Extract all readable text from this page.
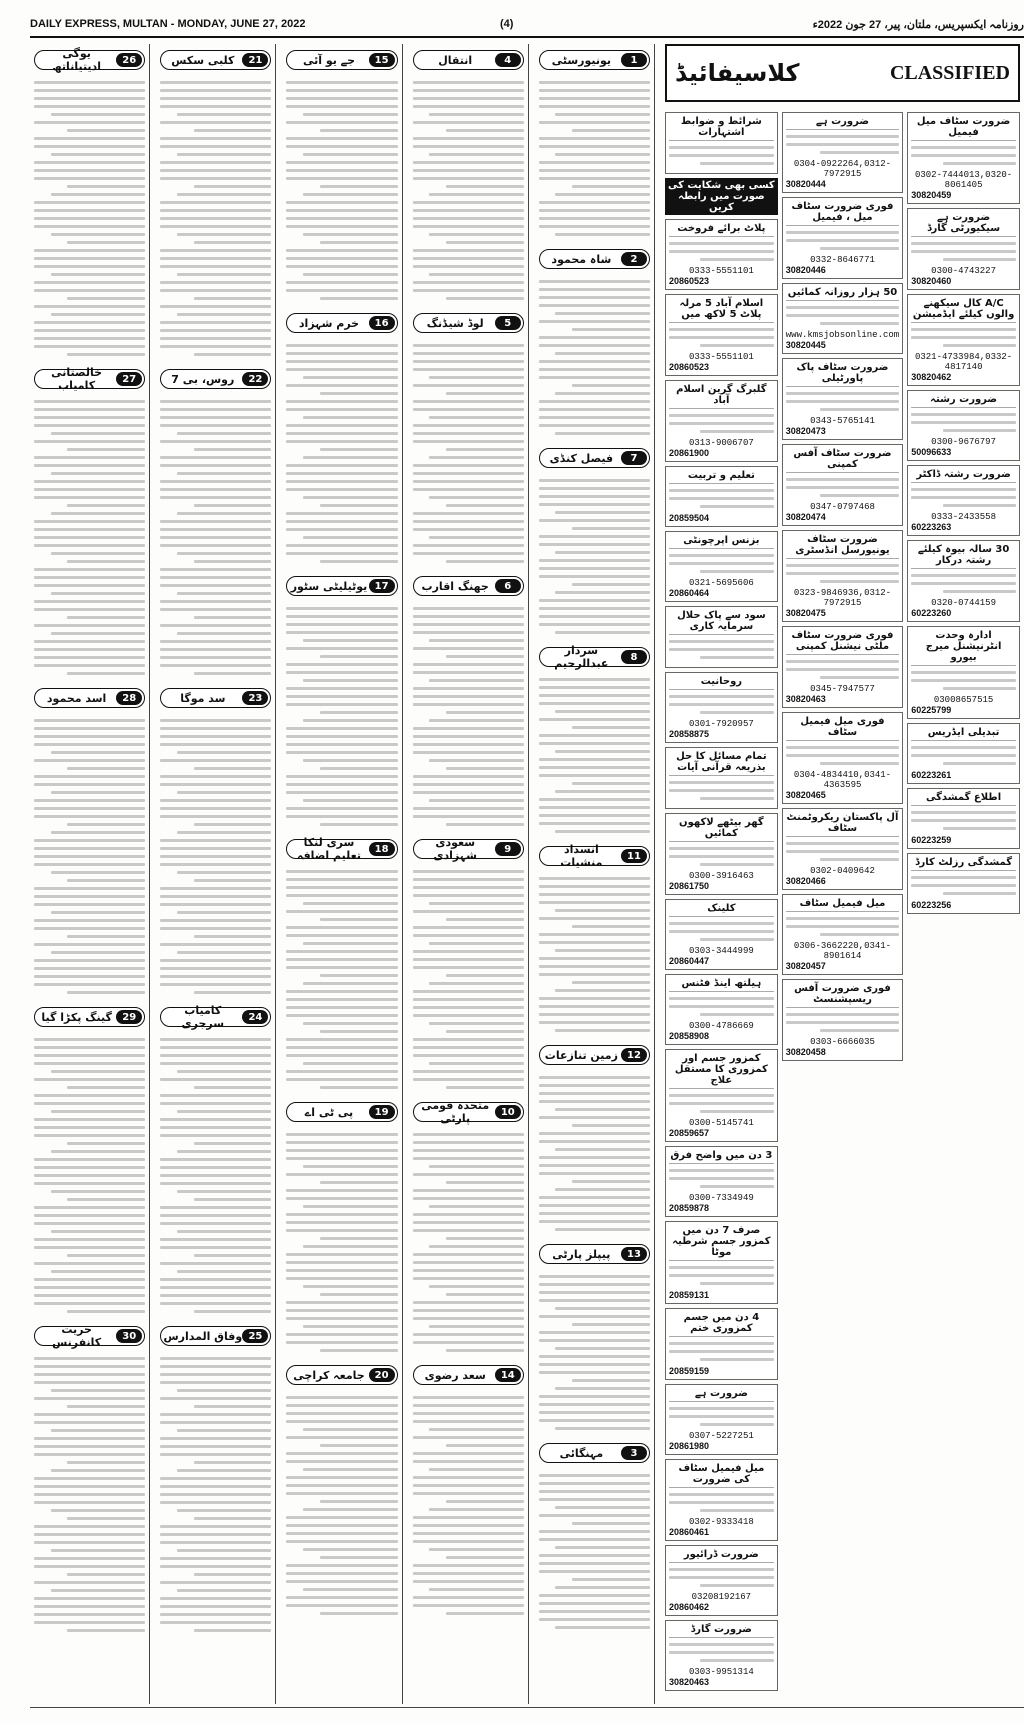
DAILY EXPRESS, MULTAN - MONDAY, JUNE 27, 2022	(4)	روزنامہ ایکسپریس، ملتان، پیر، 27 جون 2022ء
CLASSIFIED
کلاسیفائیڈ
شرائط و ضوابط اشتہارات
کسی بھی شکایت کی صورت میں رابطہ کریں
پلاٹ برائے فروخت
0333-5551101
20860523
اسلام آباد 5 مرلہ پلاٹ 5 لاکھ میں
0333-5551101
20860523
گلبرگ گرین اسلام آباد
0313-9006707
20861900
تعلیم و تربیت
20859504
بزنس اپرچونٹی
0321-5695606
20860464
سود سے پاک حلال سرمایہ کاری
روحانیت
0301-7920957
20858875
تمام مسائل کا حل بذریعہ قرآنی آیات
گھر بیٹھے لاکھوں کمائیں
0300-3916463
20861750
کلینک
0303-3444999
20860447
ہیلتھ اینڈ فٹنس
0300-4786669
20858908
کمزور جسم اور کمزوری کا مستقل علاج
0300-5145741
20859657
3 دن میں واضح فرق
0300-7334949
20859878
صرف 7 دن میں کمزور جسم شرطیہ موٹا
20859131
4 دن میں جسم کمزوری ختم
20859159
ضرورت ہے
0307-5227251
20861980
میل فیمیل سٹاف کی ضرورت
0302-9333418
20860461
ضرورت ڈرائیور
03208192167
20860462
ضرورت گارڈ
0303-9951314
30820463
ضرورت ہے
0304-0922264,0312-7972915
30820444
فوری ضرورت سٹاف میل ، فیمیل
0332-8646771
30820446
50 ہزار روزانہ کمائیں
www.kmsjobsonline.com
30820445
ضرورت سٹاف پاک پاورٹیلی
0343-5765141
30820473
ضرورت سٹاف آفس کمپنی
0347-0797468
30820474
ضرورت سٹاف یونیورسل انڈسٹری
0323-9846936,0312-7972915
30820475
فوری ضرورت سٹاف ملٹی نیشنل کمپنی
0345-7947577
30820463
فوری میل فیمیل سٹاف
0304-4834410,0341-4363595
30820465
آل پاکستان ریکروٹمنٹ سٹاف
0302-0409642
30820466
میل فیمیل سٹاف
0306-3662220,0341-8901614
30820457
فوری ضرورت آفس ریسپشنسٹ
0303-6666035
30820458
ضرورت سٹاف میل فیمیل
0302-7444013,0320-8061405
30820459
ضرورت ہے سیکیورٹی گارڈ
0300-4743227
30820460
A/C کال سیکھنے والوں کیلئے ایڈمیشن
0321-4733984,0332-4817140
30820462
ضرورت رشتہ
0300-9676797
50096633
ضرورت رشتہ ڈاکٹر
0333-2433558
60223263
30 سالہ بیوہ کیلئے رشتہ درکار
0320-0744159
60223260
ادارہ وحدت انٹرنیشنل میرج بیورو
03008657515
60225799
تبدیلی ایڈریس
60223261
اطلاع گمشدگی
60223259
گمشدگی رزلٹ کارڈ
60223256
1
یونیورسٹی
2
شاہ محمود
7
فیصل کنڈی
8
سردار عبدالرحیم
11
انسداد منشیات
12
زمین تنازعات
13
پیپلز پارٹی
3
مہنگائی
4
انتقال
5
لوڈ شیڈنگ
6
جھنگ اقارب
9
سعودی شہزادی
10
متحدہ قومی پارٹی
14
سعد رضوی
15
جے یو آئی
16
خرم شہزاد
17
یوٹیلیٹی سٹور
18
سری لنکا تعلیم اضافہ
19
پی ٹی اے
20
جامعہ کراچی
21
کلبی سکس
22
روس، بی 7
23
سد موگا
24
کامیاب سرجری
25
وفاق المدارس
26
یوگی ادیتیاناتھ
27
خالصتانی کامیاب
28
اسد محمود
29
گینگ پکڑا گیا
30
حریت کانفرنس
